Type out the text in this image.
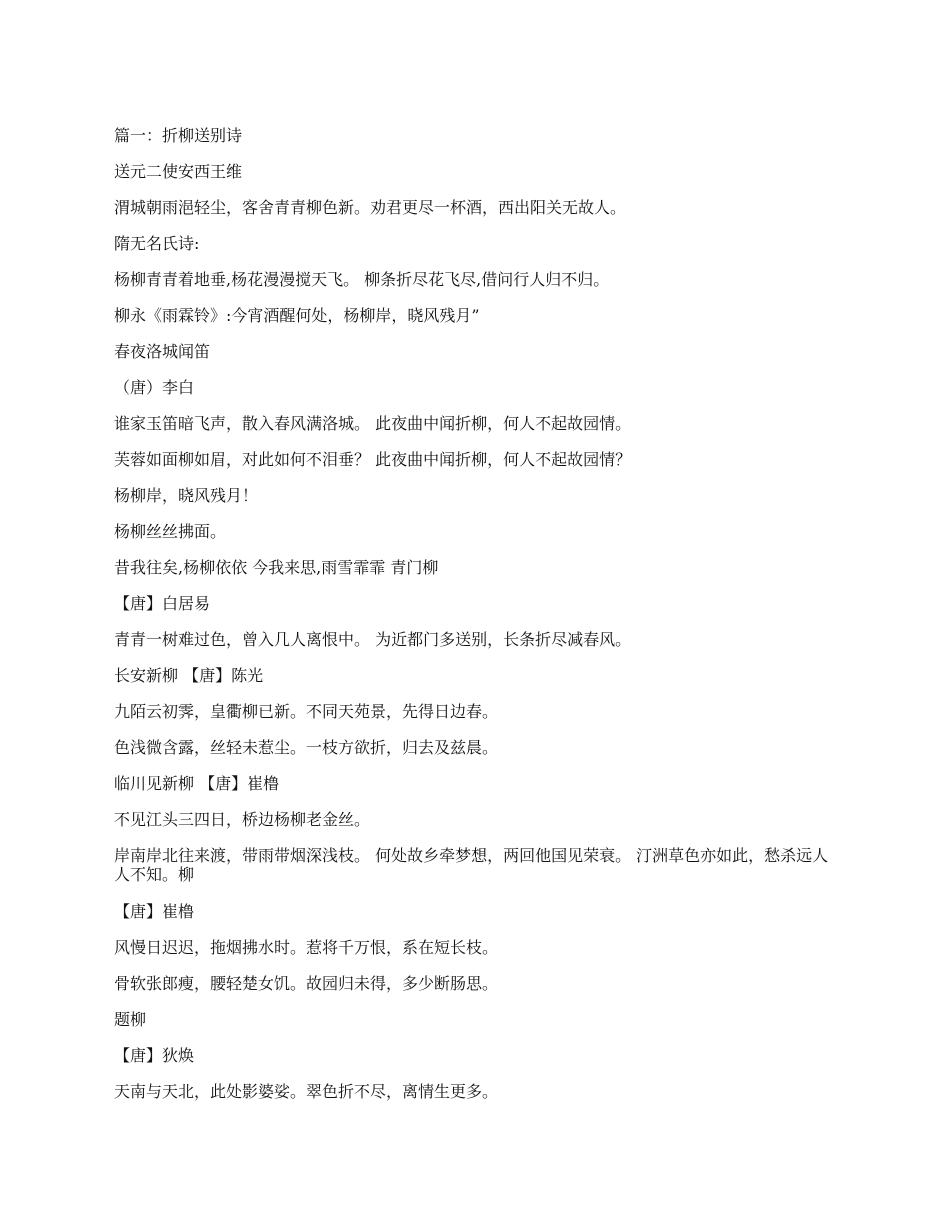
篇一：折柳送别诗

送元二使安西王维

渭城朝雨浥轻尘，客舍青青柳色新。劝君更尽一杯酒，西出阳关无故人。

隋无名氏诗:

杨柳青青着地垂,杨花漫漫搅天飞。 柳条折尽花飞尽,借问行人归不归。

柳永《雨霖铃》:今宵酒醒何处，杨柳岸，晓风残月”

春夜洛城闻笛

（唐）李白

谁家玉笛暗飞声，散入春风满洛城。 此夜曲中闻折柳，何人不起故园情。

芙蓉如面柳如眉，对此如何不泪垂？ 此夜曲中闻折柳，何人不起故园情？

杨柳岸，晓风残月！

杨柳丝丝拂面。

昔我往矣,杨柳依依 今我来思,雨雪霏霏 青门柳

【唐】白居易

青青一树难过色，曾入几人离恨中。 为近都门多送别，长条折尽减春风。

长安新柳 【唐】陈光

九陌云初霁，皇衢柳已新。不同天苑景，先得日边春。

色浅微含露，丝轻未惹尘。一枝方欲折，归去及兹晨。

临川见新柳 【唐】崔橹

不见江头三四日，桥边杨柳老金丝。

岸南岸北往来渡，带雨带烟深浅枝。 何处故乡牵梦想，两回他国见荣衰。 汀洲草色亦如此，愁杀远人人不知。柳

【唐】崔橹

风慢日迟迟，拖烟拂水时。惹将千万恨，系在短长枝。

骨软张郎瘦，腰轻楚女饥。故园归未得，多少断肠思。

题柳

【唐】狄焕

天南与天北，此处影婆娑。翠色折不尽，离情生更多。
